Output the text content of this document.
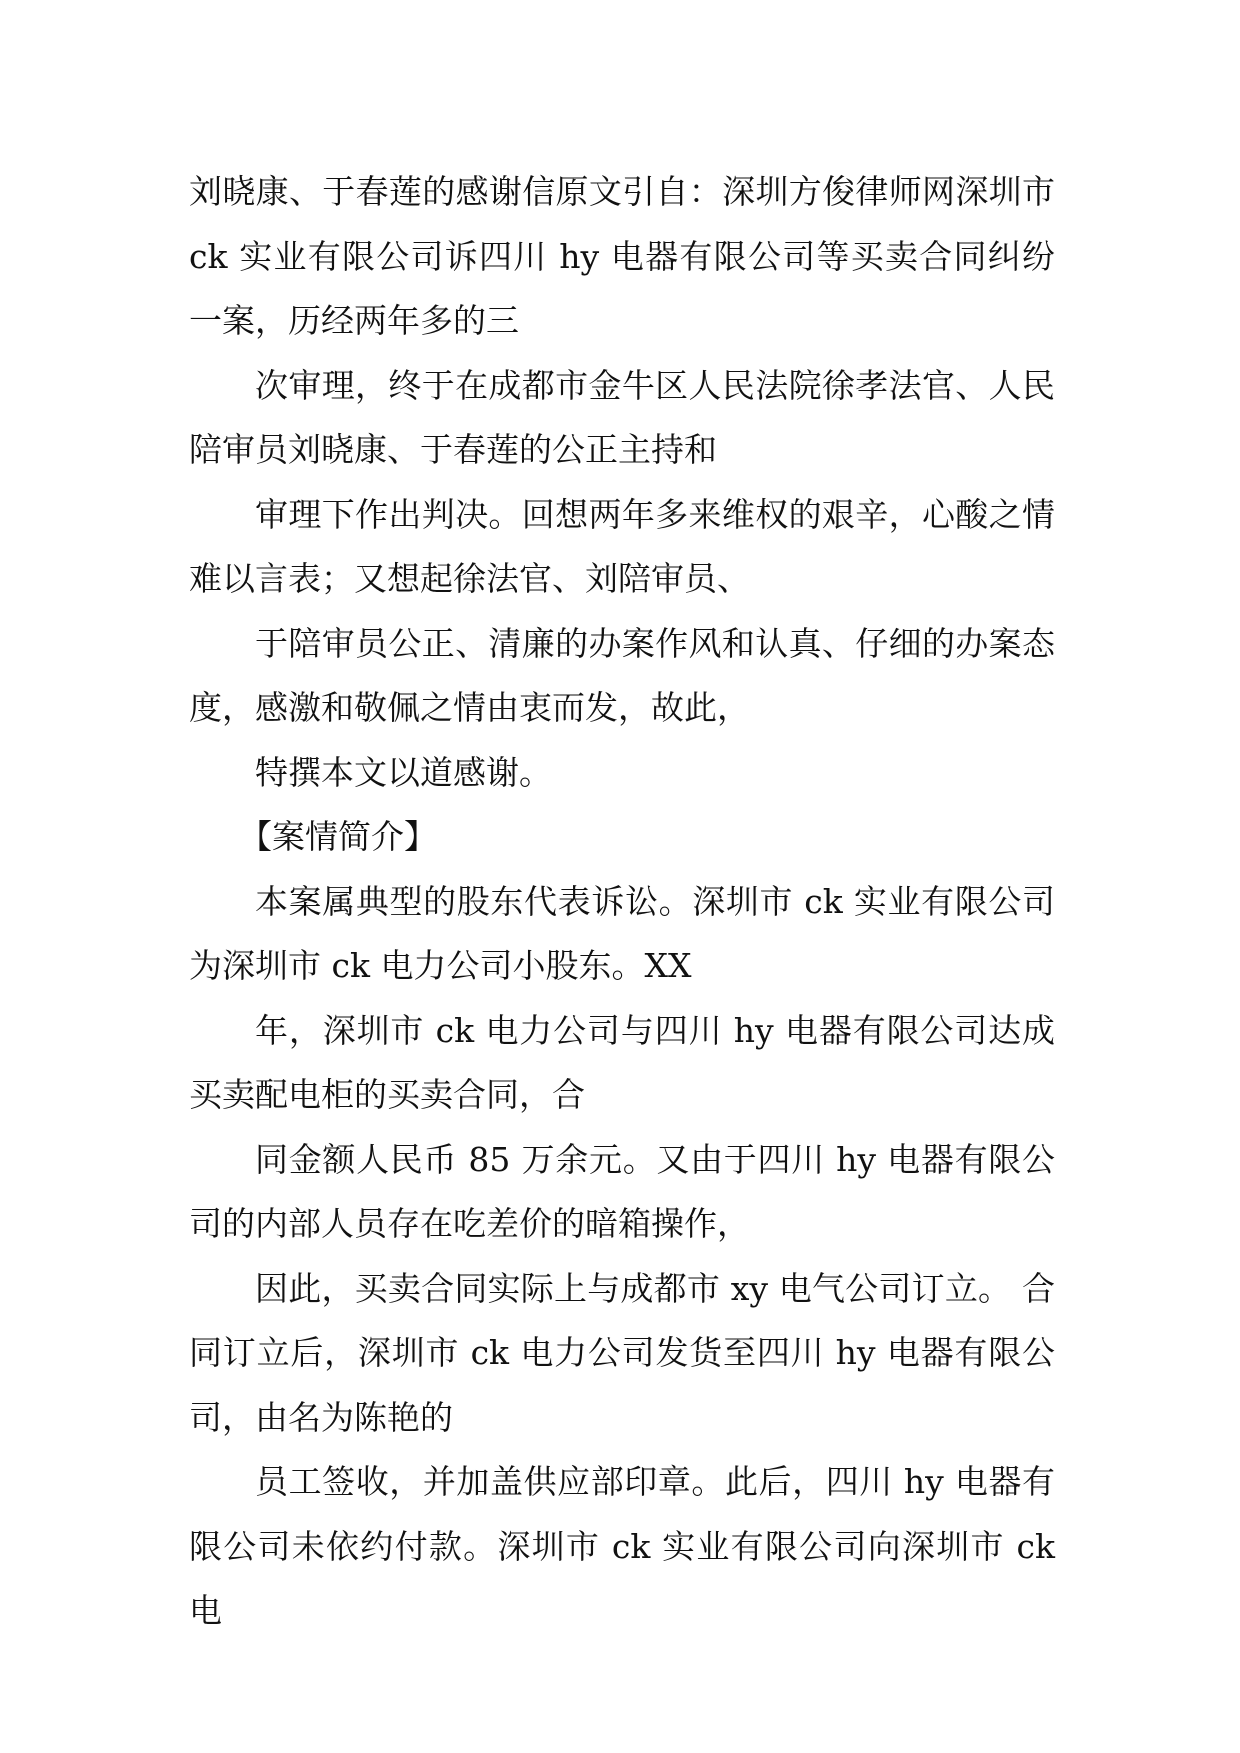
刘晓康、于春莲的感谢信原文引自：深圳方俊律师网深圳市 ck 实业有限公司诉四川 hy 电器有限公司等买卖合同纠纷一案，历经两年多的三

次审理，终于在成都市金牛区人民法院徐孝法官、人民陪审员刘晓康、于春莲的公正主持和

审理下作出判决。回想两年多来维权的艰辛，心酸之情难以言表；又想起徐法官、刘陪审员、

于陪审员公正、清廉的办案作风和认真、仔细的办案态度，感激和敬佩之情由衷而发，故此，

特撰本文以道感谢。

【案情简介】

本案属典型的股东代表诉讼。深圳市 ck 实业有限公司为深圳市 ck 电力公司小股东。XX

年，深圳市 ck 电力公司与四川 hy 电器有限公司达成买卖配电柜的买卖合同，合

同金额人民币 85 万余元。又由于四川 hy 电器有限公司的内部人员存在吃差价的暗箱操作，

因此，买卖合同实际上与成都市 xy 电气公司订立。 合同订立后，深圳市 ck 电力公司发货至四川 hy 电器有限公司，由名为陈艳的

员工签收，并加盖供应部印章。此后，四川 hy 电器有限公司未依约付款。深圳市 ck 实业有限公司向深圳市 ck 电
